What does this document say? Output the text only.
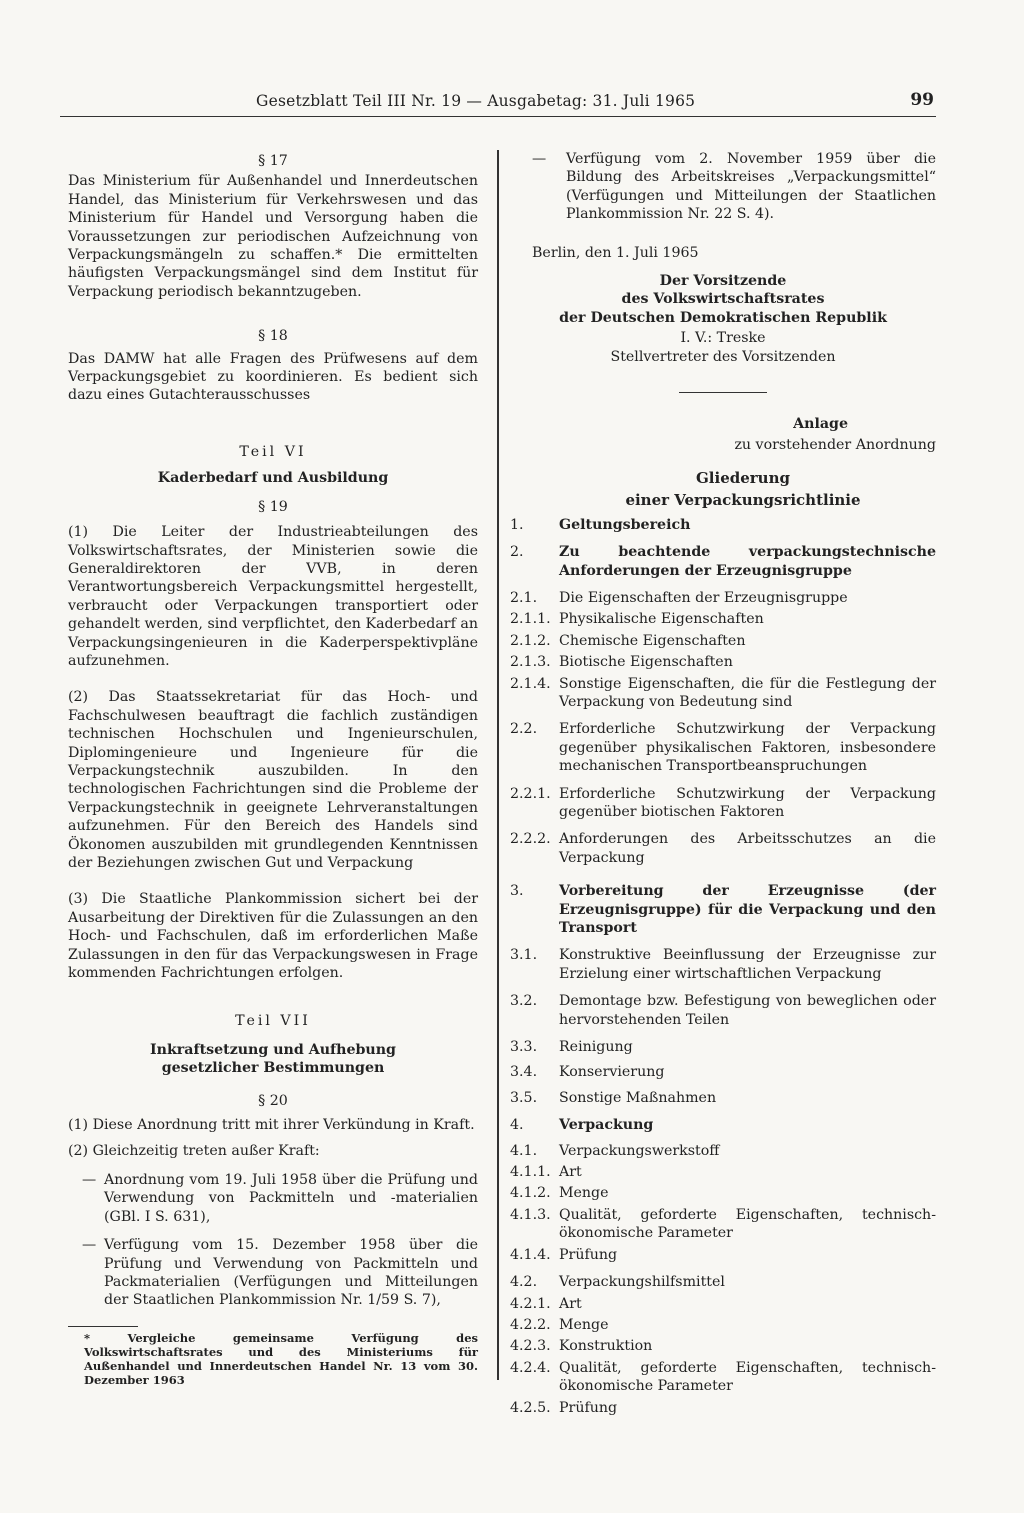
Gesetzblatt Teil III Nr. 19 — Ausgabetag: 31. Juli 1965	99

§ 17

Das Ministerium für Außenhandel und Innerdeutschen Handel, das Ministerium für Verkehrswesen und das Ministerium für Handel und Versorgung haben die Voraussetzungen zur periodischen Aufzeichnung von Verpackungsmängeln zu schaffen.* Die ermittelten häufigsten Verpackungsmängel sind dem Institut für Verpackung periodisch bekanntzugeben.

§ 18

Das DAMW hat alle Fragen des Prüfwesens auf dem Verpackungsgebiet zu koordinieren. Es bedient sich dazu eines Gutachterausschusses

Teil VI

Kaderbedarf und Ausbildung

§ 19

(1) Die Leiter der Industrieabteilungen des Volkswirtschaftsrates, der Ministerien sowie die Generaldirektoren der VVB, in deren Verantwortungsbereich Verpackungsmittel hergestellt, verbraucht oder Verpackungen transportiert oder gehandelt werden, sind verpflichtet, den Kaderbedarf an Verpackungsingenieuren in die Kaderperspektivpläne aufzunehmen.

(2) Das Staatssekretariat für das Hoch- und Fachschulwesen beauftragt die fachlich zuständigen technischen Hochschulen und Ingenieurschulen, Diplomingenieure und Ingenieure für die Verpackungstechnik auszubilden. In den technologischen Fachrichtungen sind die Probleme der Verpackungstechnik in geeignete Lehrveranstaltungen aufzunehmen. Für den Bereich des Handels sind Ökonomen auszubilden mit grundlegenden Kenntnissen der Beziehungen zwischen Gut und Verpackung

(3) Die Staatliche Plankommission sichert bei der Ausarbeitung der Direktiven für die Zulassungen an den Hoch- und Fachschulen, daß im erforderlichen Maße Zulassungen in den für das Verpackungswesen in Frage kommenden Fachrichtungen erfolgen.

Teil VII

Inkraftsetzung und Aufhebung

gesetzlicher Bestimmungen

§ 20

(1) Diese Anordnung tritt mit ihrer Verkündung in Kraft.

(2) Gleichzeitig treten außer Kraft:

— Anordnung vom 19. Juli 1958 über die Prüfung und Verwendung von Packmitteln und -materialien (GBl. I S. 631),
— Verfügung vom 15. Dezember 1958 über die Prüfung und Verwendung von Packmitteln und Packmaterialien (Verfügungen und Mitteilungen der Staatlichen Plankommission Nr. 1/59 S. 7),

* Vergleiche gemeinsame Verfügung des Volkswirtschaftsrates und des Ministeriums für Außenhandel und Innerdeutschen Handel Nr. 13 vom 30. Dezember 1963

—	Verfügung vom 2. November 1959 über die Bildung des Arbeitskreises „Verpackungsmittel“ (Verfügungen und Mitteilungen der Staatlichen Plankommission Nr. 22 S. 4).

Berlin, den 1. Juli 1965

Der Vorsitzende

des Volkswirtschaftsrates

der Deutschen Demokratischen Republik

I. V.: Treske

Stellvertreter des Vorsitzenden

Anlage

zu vorstehender Anordnung

Gliederung

einer Verpackungsrichtlinie

1.	Geltungsbereich
2.	Zu beachtende verpackungstechnische Anforderungen der Erzeugnisgruppe
2.1.	Die Eigenschaften der Erzeugnisgruppe
2.1.1. Physikalische Eigenschaften
2.1.2. Chemische Eigenschaften
2.1.3. Biotische Eigenschaften
2.1.4. Sonstige Eigenschaften, die für die Festlegung der Verpackung von Bedeutung sind
2.2.	Erforderliche Schutzwirkung der Verpackung gegenüber physikalischen Faktoren, insbesondere mechanischen Transportbeanspruchungen
2.2.1. Erforderliche Schutzwirkung der Verpackung gegenüber biotischen Faktoren
2.2.2. Anforderungen des Arbeitsschutzes an die Verpackung
3.	Vorbereitung der Erzeugnisse (der Erzeugnisgruppe) für die Verpackung und den Transport
3.1.	Konstruktive Beeinflussung der Erzeugnisse zur Erzielung einer wirtschaftlichen Verpackung
3.2.	Demontage bzw. Befestigung von beweglichen oder hervorstehenden Teilen
3.3.	Reinigung
3.4.	Konservierung
3.5.	Sonstige Maßnahmen
4.	Verpackung
4.1.	Verpackungswerkstoff
4.1.1. Art
4.1.2. Menge
4.1.3. Qualität, geforderte Eigenschaften, technisch-ökonomische Parameter
4.1.4. Prüfung
4.2.	Verpackungshilfsmittel
4.2.1. Art
4.2.2. Menge
4.2.3. Konstruktion
4.2.4. Qualität, geforderte Eigenschaften, technisch-ökonomische Parameter
4.2.5. Prüfung
